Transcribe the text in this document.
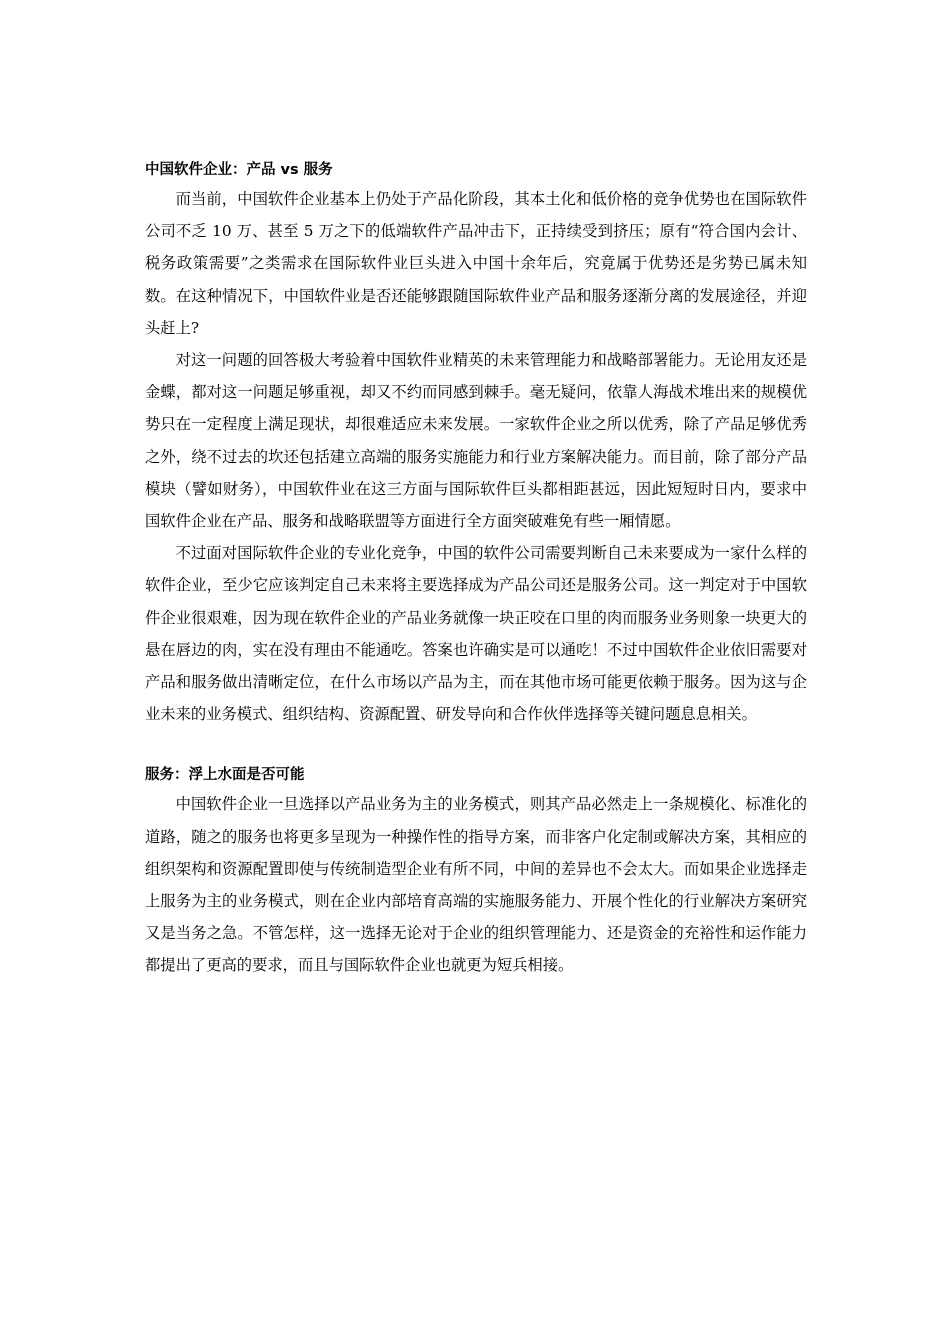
中国软件企业：产品 vs 服务

而当前，中国软件企业基本上仍处于产品化阶段，其本土化和低价格的竞争优势也在国际软件公司不乏 10 万、甚至 5 万之下的低端软件产品冲击下，正持续受到挤压；原有“符合国内会计、税务政策需要”之类需求在国际软件业巨头进入中国十余年后，究竟属于优势还是劣势已属未知数。在这种情况下，中国软件业是否还能够跟随国际软件业产品和服务逐渐分离的发展途径，并迎头赶上?

对这一问题的回答极大考验着中国软件业精英的未来管理能力和战略部署能力。无论用友还是金蝶，都对这一问题足够重视，却又不约而同感到棘手。毫无疑问，依靠人海战术堆出来的规模优势只在一定程度上满足现状，却很难适应未来发展。一家软件企业之所以优秀，除了产品足够优秀之外，绕不过去的坎还包括建立高端的服务实施能力和行业方案解决能力。而目前，除了部分产品模块（譬如财务），中国软件业在这三方面与国际软件巨头都相距甚远，因此短短时日内，要求中国软件企业在产品、服务和战略联盟等方面进行全方面突破难免有些一厢情愿。

不过面对国际软件企业的专业化竞争，中国的软件公司需要判断自己未来要成为一家什么样的软件企业，至少它应该判定自己未来将主要选择成为产品公司还是服务公司。这一判定对于中国软件企业很艰难，因为现在软件企业的产品业务就像一块正咬在口里的肉而服务业务则象一块更大的悬在唇边的肉，实在没有理由不能通吃。答案也许确实是可以通吃！不过中国软件企业依旧需要对产品和服务做出清晰定位，在什么市场以产品为主，而在其他市场可能更依赖于服务。因为这与企业未来的业务模式、组织结构、资源配置、研发导向和合作伙伴选择等关键问题息息相关。

服务：浮上水面是否可能

中国软件企业一旦选择以产品业务为主的业务模式，则其产品必然走上一条规模化、标准化的道路，随之的服务也将更多呈现为一种操作性的指导方案，而非客户化定制或解决方案，其相应的组织架构和资源配置即使与传统制造型企业有所不同，中间的差异也不会太大。而如果企业选择走上服务为主的业务模式，则在企业内部培育高端的实施服务能力、开展个性化的行业解决方案研究又是当务之急。不管怎样，这一选择无论对于企业的组织管理能力、还是资金的充裕性和运作能力都提出了更高的要求，而且与国际软件企业也就更为短兵相接。
